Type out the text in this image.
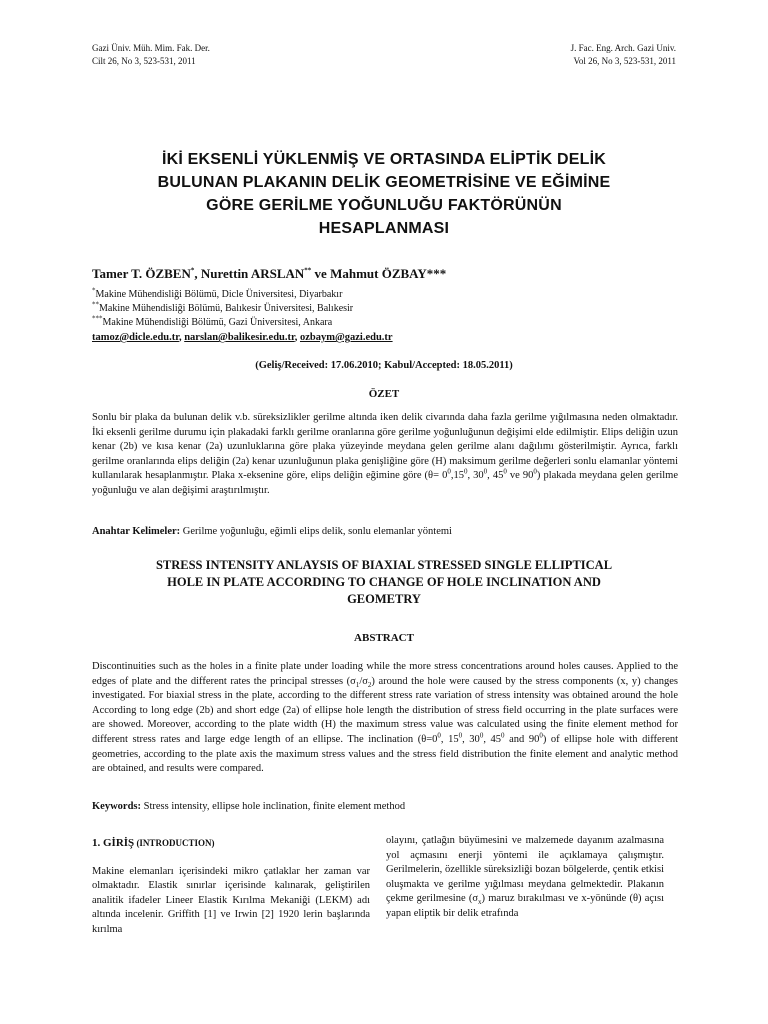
Gazi Üniv. Müh. Mim. Fak. Der.
Cilt 26, No 3, 523-531, 2011
J. Fac. Eng. Arch. Gazi Univ.
Vol 26, No 3, 523-531, 2011
İKİ EKSENLİ YÜKLENMİŞ VE ORTASINDA ELİPTİK DELİK
BULUNAN PLAKANIN DELİK GEOMETRİSİNE VE EĞİMİNE
GÖRE GERİLME YOĞUNLUĞU FAKTÖRÜNÜN
HESAPLANMASI
Tamer T. ÖZBEN*, Nurettin ARSLAN** ve Mahmut ÖZBAY***
*Makine Mühendisliği Bölümü, Dicle Üniversitesi, Diyarbakır
**Makine Mühendisliği Bölümü, Balıkesir Üniversitesi, Balıkesir
***Makine Mühendisliği Bölümü, Gazi Üniversitesi, Ankara
tamoz@dicle.edu.tr, narslan@balikesir.edu.tr, ozbaym@gazi.edu.tr
(Geliş/Received: 17.06.2010; Kabul/Accepted: 18.05.2011)
ÖZET
Sonlu bir plaka da bulunan delik v.b. süreksizlikler gerilme altında iken delik civarında daha fazla gerilme yığılmasına neden olmaktadır. İki eksenli gerilme durumu için plakadaki farklı gerilme oranlarına göre gerilme yoğunluğunun değişimi elde edilmiştir. Elips deliğin uzun kenar (2b) ve kısa kenar (2a) uzunluklarına göre plaka yüzeyinde meydana gelen gerilme alanı dağılımı gösterilmiştir. Ayrıca, farklı gerilme oranlarında elips deliğin (2a) kenar uzunluğunun plaka genişliğine göre (H) maksimum gerilme değerleri sonlu elamanlar yöntemi kullanılarak hesaplanmıştır. Plaka x-eksenine göre, elips deliğin eğimine göre ($\theta= 0^0,15^0$, $30^0$, $45^0$ ve $90^0$) plakada meydana gelen gerilme yoğunluğu ve alan değişimi araştırılmıştır.
Anahtar Kelimeler: Gerilme yoğunluğu, eğimli elips delik, sonlu elemanlar yöntemi
STRESS INTENSITY ANLAYSIS OF BIAXIAL STRESSED SINGLE ELLIPTICAL
HOLE IN PLATE ACCORDING TO CHANGE OF HOLE INCLINATION AND
GEOMETRY
ABSTRACT
Discontinuities such as the holes in a finite plate under loading while the more stress concentrations around holes causes. Applied to the edges of plate and the different rates the principal stresses $(\sigma_1/\sigma_2)$ around the hole were caused by the stress components (x, y) changes investigated. For biaxial stress in the plate, according to the different stress rate variation of stress intensity was obtained around the hole According to long edge (2b) and short edge (2a) of ellipse hole length the distribution of stress field occurring in the plate surfaces were are showed. Moreover, according to the plate width (H) the maximum stress value was calculated using the finite element method for different stress rates and large edge length of an ellipse. The inclination ($\theta=0^0$, $15^0$, $30^0$, $45^0$ and $90^0$) of ellipse hole with different geometries, according to the plate axis the maximum stress values and the stress field distribution the finite element and analytic method are obtained, and results were compared.
Keywords: Stress intensity, ellipse hole inclination, finite element method
1. GİRİŞ (INTRODUCTION)
Makine elemanları içerisindeki mikro çatlaklar her zaman var olmaktadır. Elastik sınırlar içerisinde kalınarak, geliştirilen analitik ifadeler Lineer Elastik Kırılma Mekaniği (LEKM) adı altında incelenir. Griffith [1] ve Irwin [2] 1920 lerin başlarında kırılma
olayını, çatlağın büyümesini ve malzemede dayanım azalmasına yol açmasını enerji yöntemi ile açıklamaya çalışmıştır. Gerilmelerin, özellikle süreksizliği bozan bölgelerde, çentik etkisi oluşmakta ve gerilme yığılması meydana gelmektedir. Plakanın çekme gerilmesine $(\sigma_x)$ maruz bırakılması ve x-yönünde (θ) açısı yapan eliptik bir delik etrafında
